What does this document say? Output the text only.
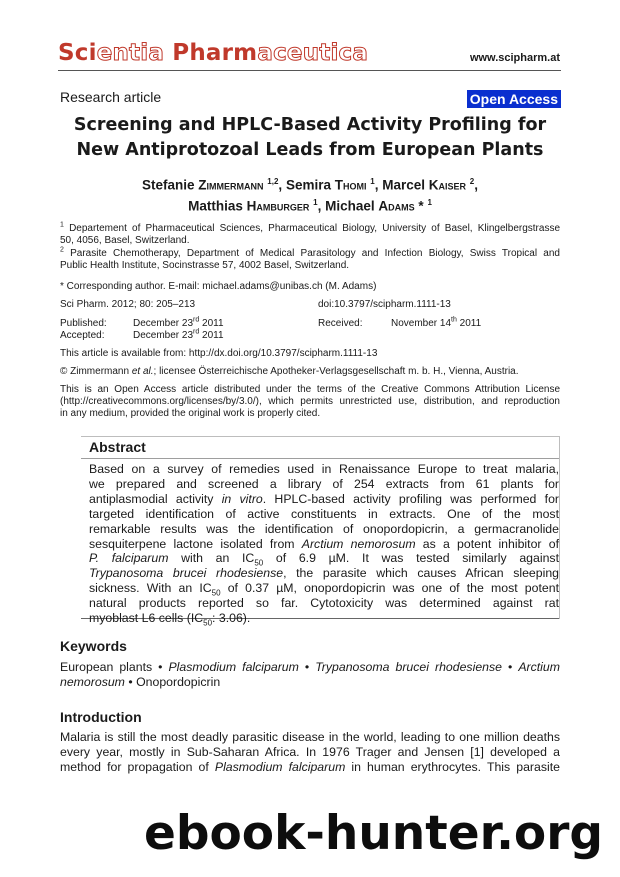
Scientia Pharmaceutica	www.scipharm.at
Research article	Open Access
Screening and HPLC-Based Activity Profiling for
New Antiprotozoal Leads from European Plants
Stefanie Zimmermann $^{1,2}$, Semira Thomi $^1$, Marcel Kaiser $^2$,
Matthias Hamburger $^1$, Michael Adams * $^1$
$^1$ Departement of Pharmaceutical Sciences, Pharmaceutical Biology, University of Basel, Klingelbergstrasse
50, 4056, Basel, Switzerland.
$^2$ Parasite Chemotherapy, Department of Medical Parasitology and Infection Biology, Swiss Tropical and
Public Health Institute, Socinstrasse 57, 4002 Basel, Switzerland.
* Corresponding author. E-mail: michael.adams@unibas.ch (M. Adams)
Sci Pharm. 2012; 80: 205–213	doi:10.3797/scipharm.1111-13
Published:	December 23rd 2011	Received:	November 14th 2011
Accepted:	December 23rd 2011
This article is available from: http://dx.doi.org/10.3797/scipharm.1111-13
© Zimmermann et al.; licensee Österreichische Apotheker-Verlagsgesellschaft m. b. H., Vienna, Austria.
This is an Open Access article distributed under the terms of the Creative Commons Attribution License
(http://creativecommons.org/licenses/by/3.0/), which permits unrestricted use, distribution, and reproduction
in any medium, provided the original work is properly cited.
Abstract
Based on a survey of remedies used in Renaissance Europe to treat malaria,
we prepared and screened a library of 254 extracts from 61 plants for
antiplasmodial activity in vitro. HPLC-based activity profiling was performed for
targeted identification of active constituents in extracts. One of the most
remarkable results was the identification of onopordopicrin, a germacranolide
sesquiterpene lactone isolated from Arctium nemorosum as a potent inhibitor of
P. falciparum with an $IC_{50}$ of 6.9 µM. It was tested similarly against
Trypanosoma brucei rhodesiense, the parasite which causes African sleeping
sickness. With an $IC_{50}$ of 0.37 µM, onopordopicrin was one of the most potent
natural products reported so far. Cytotoxicity was determined against rat
myoblast L6 cells ($IC_{50}$: 3.06).
Keywords
European plants • Plasmodium falciparum • Trypanosoma brucei rhodesiense • Arctium
nemorosum • Onopordopicrin
Introduction
Malaria is still the most deadly parasitic disease in the world, leading to one million deaths
every year, mostly in Sub-Saharan Africa. In 1976 Trager and Jensen [1] developed a
method for propagation of Plasmodium falciparum in human erythrocytes. This parasite
ebook-hunter.org
